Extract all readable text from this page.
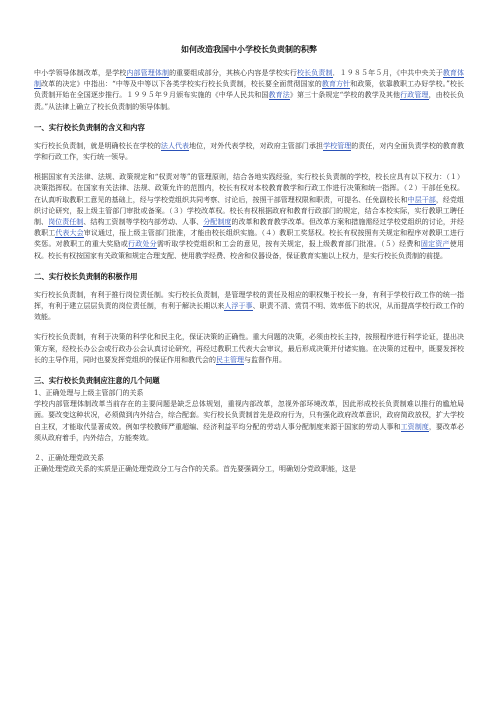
如何改造我国中小学校长负责制的积弊

中小学领导体制改革，是学校内部管理体制的重要组成部分，其核心内容是学校实行校长负责制．１９８５年５月，《中共中央关于教育体制改革的决定》中指出：“中等及中等以下各类学校实行校长负责制，校长要全面贯彻国家的教育方针和政策，依靠教职工办好学校。”校长负责制开始在全国逐步推行。１９９５年９月颁布实施的《中华人民共和国教育法》第三十条规定“学校的教学及其他行政管理，由校长负责。”从法律上确立了校长负责制的领导体制。

一、实行校长负责制的含义和内容

实行校长负责制，就是明确校长在学校的法人代表地位，对外代表学校，对政府主管部门承担学校管理的责任，对内全面负责学校的教育教学和行政工作，实行统一领导。

根据国家有关法律、法规、政策规定和“权责对等”的管理原则，结合各地实践经验，实行校长负责制的学校，校长应具有以下权力：（１）决策指挥权。在国家有关法律、法规、政策允许的范围内，校长有权对本校教育教学和行政工作进行决策和统一指挥。（２）干部任免权。在认真听取教职工意见的基础上，经与学校党组织共同考察、讨论后，按照干部管理权限和职责，可提名、任免副校长和中层干部，经党组织讨论研究，报上级主管部门审批或备案。（３）学校改革权。校长有权根据政府和教育行政部门的规定，结合本校实际，实行教职工聘任制、岗位责任制、结构工资制等学校内部劳动、人事、分配制度的改革和教育教学改革。但改革方案和措施需经过学校党组织的讨论，并经教职工代表大会审议通过，报上级主管部门批准，才能由校长组织实施。（４）教职工奖惩权。校长有权按照有关规定和程序对教职工进行奖惩。对教职工的重大奖励或行政处分需听取学校党组织和工会的意见，按有关规定，报上级教育部门批准。（５）经费和固定资产使用权。校长有权按国家有关政策和规定合理支配、使用教学经费、校舍和仪器设备，保证教育实施以上权力，是实行校长负责制的前提。

二、实行校长负责制的积极作用

实行校长负责制，有利于推行岗位责任制。实行校长负责制，是管理学校的责任及相应的职权集于校长一身，有利于学校行政工作的统一指挥，有利于建立层层负责的岗位责任制，有利于解决长期以来人浮于事、职责不清、赏罚不明、效率低下的状况，从而提高学校行政工作的效能。

实行校长负责制，有利于决策的科学化和民主化，保证决策的正确性。重大问题的决策，必须由校长主持，按照程序进行科学论证，提出决策方案，经校长办公会或行政办公会认真讨论研究，再经过教职工代表大会审议，最后形成决策并付诸实施。在决策的过程中，既要发挥校长的主导作用，同时也要发挥党组织的保证作用和教代会的民主管理与监督作用。

三、实行校长负责制应注意的几个问题

1、正确处理与上级主管部门的关系

学校内部管理体制改革当前存在的主要问题是缺乏总体规划，重视内部改革，忽视外部环境改革，因此形成校长负责制难以推行的尴尬局面。要改变这种状况，必须做到内外结合，综合配套。实行校长负责制首先是政府行为，只有强化政府改革意识，政府简政放权，扩大学校自主权，才能取代显著成效。例如学校教师严重超编、经济利益平均分配的劳动人事分配制度来源于国家的劳动人事和工资制度，要改革必须从政府着手，内外结合，方能奏效。

２、正确处理党政关系

正确处理党政关系的实质是正确处理党政分工与合作的关系。首先要强调分工，明确划分党政职能，这是
